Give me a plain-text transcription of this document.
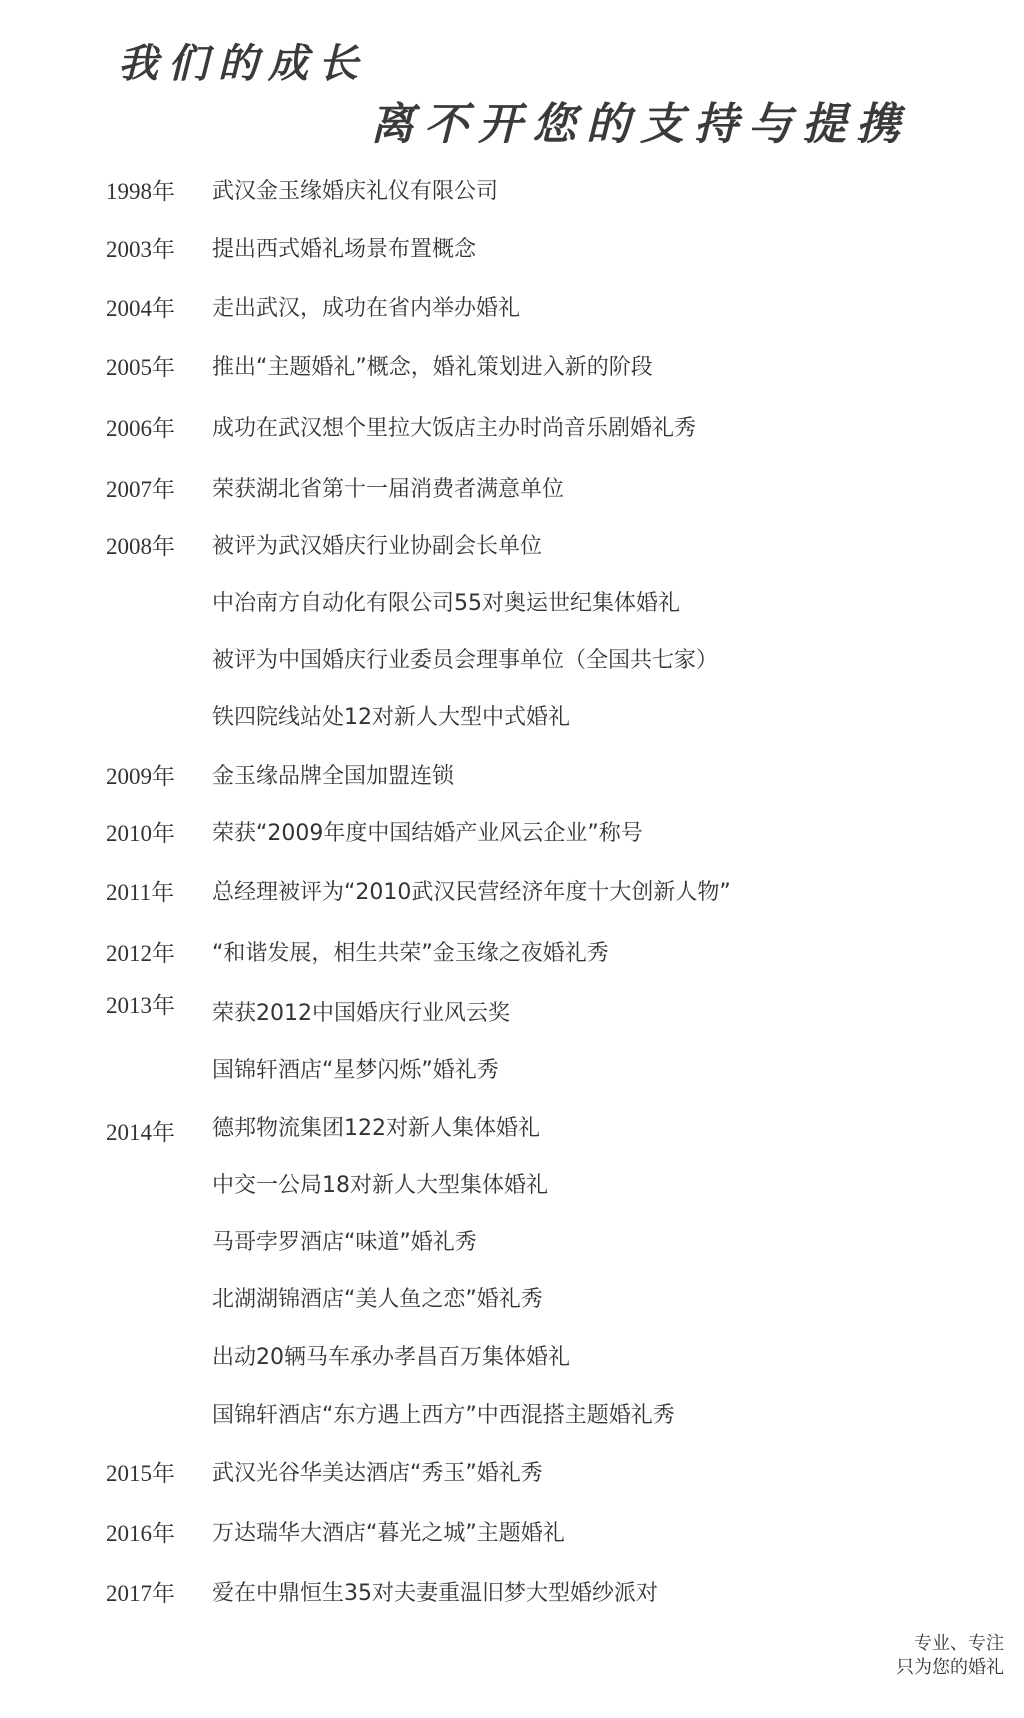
我们的成长
离不开您的支持与提携
1998年	武汉金玉缘婚庆礼仪有限公司
2003年	提出西式婚礼场景布置概念
2004年	走出武汉，成功在省内举办婚礼
2005年	推出“主题婚礼”概念，婚礼策划进入新的阶段
2006年	成功在武汉想个里拉大饭店主办时尚音乐剧婚礼秀
2007年	荣获湖北省第十一届消费者满意单位
2008年	被评为武汉婚庆行业协副会长单位
中冶南方自动化有限公司55对奥运世纪集体婚礼
被评为中国婚庆行业委员会理事单位（全国共七家）
铁四院线站处12对新人大型中式婚礼
2009年	金玉缘品牌全国加盟连锁
2010年	荣获“2009年度中国结婚产业风云企业”称号
2011年	总经理被评为“2010武汉民营经济年度十大创新人物”
2012年	“和谐发展，相生共荣”金玉缘之夜婚礼秀
2013年	荣获2012中国婚庆行业风云奖
国锦轩酒店“星梦闪烁”婚礼秀
2014年	德邦物流集团122对新人集体婚礼
中交一公局18对新人大型集体婚礼
马哥孛罗酒店“味道”婚礼秀
北湖湖锦酒店“美人鱼之恋”婚礼秀
出动20辆马车承办孝昌百万集体婚礼
国锦轩酒店“东方遇上西方”中西混搭主题婚礼秀
2015年	武汉光谷华美达酒店“秀玉”婚礼秀
2016年	万达瑞华大酒店“暮光之城”主题婚礼
2017年	爱在中鼎恒生35对夫妻重温旧梦大型婚纱派对
专业、专注
只为您的婚礼
